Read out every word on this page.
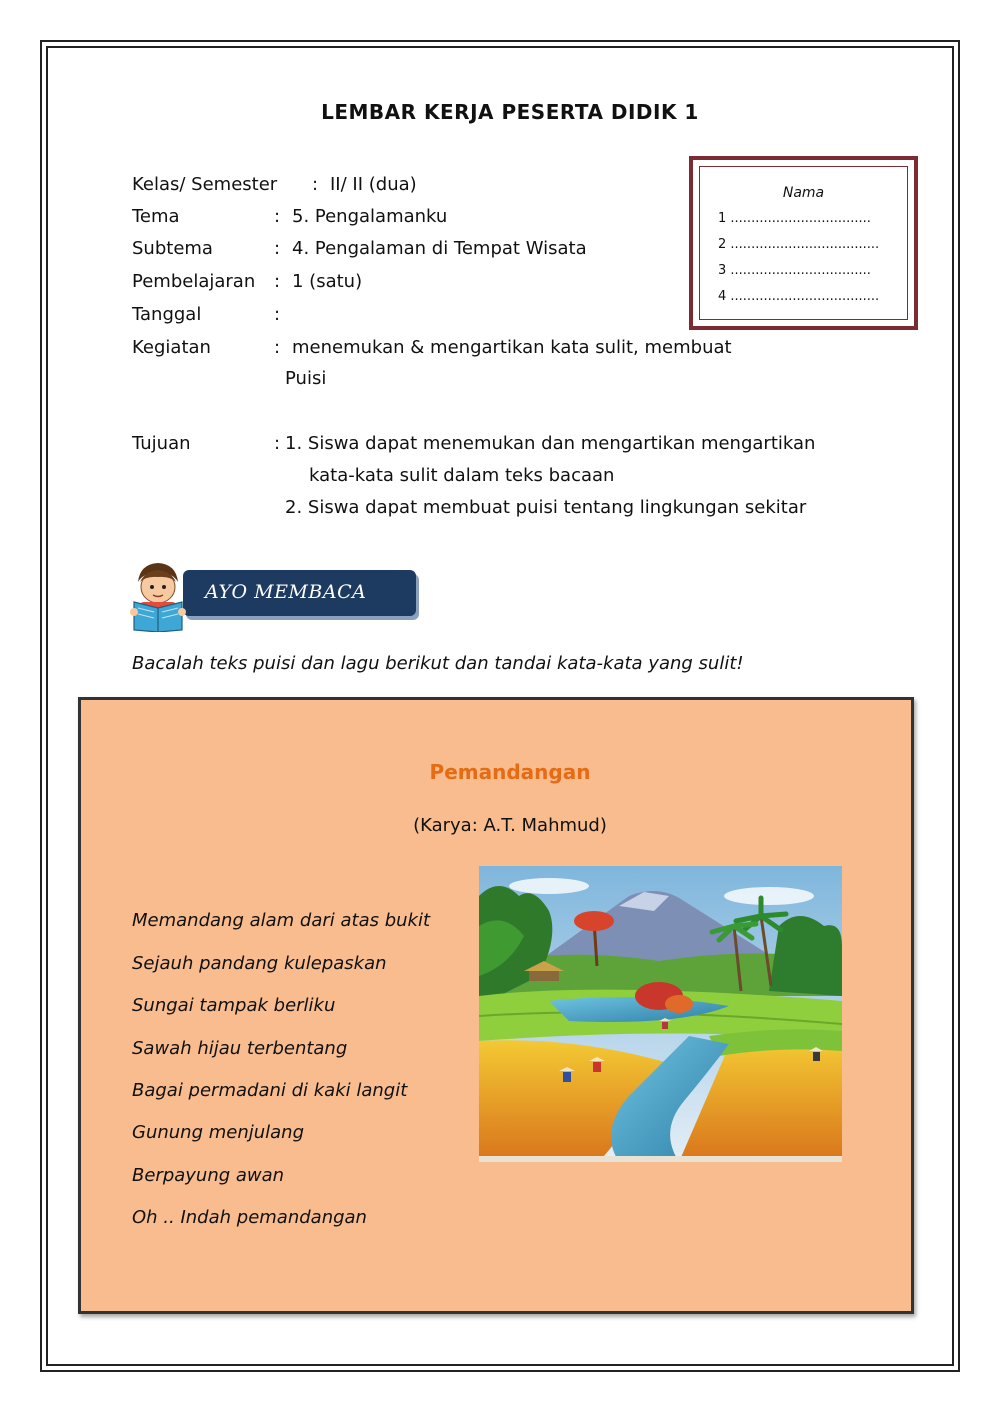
LEMBAR KERJA PESERTA DIDIK 1
Kelas/ Semester : II/ II (dua)
Tema	: 5. Pengalamanku
Subtema	: 4. Pengalaman di Tempat Wisata
Pembelajaran : 1 (satu)
Tanggal	:
Kegiatan	: menemukan & mengartikan kata sulit, membuat
Puisi
Tujuan	: 1. Siswa dapat menemukan dan mengartikan mengartikan
kata-kata sulit dalam teks bacaan
2. Siswa dapat membuat puisi tentang lingkungan sekitar
Nama
1 ..................................
2 ....................................
3 ..................................
4 ....................................
AYO MEMBACA
Bacalah teks puisi dan lagu berikut dan tandai kata-kata yang sulit!
Pemandangan
(Karya: A.T. Mahmud)
Memandang alam dari atas bukit
Sejauh pandang kulepaskan
Sungai tampak berliku
Sawah hijau terbentang
Bagai permadani di kaki langit
Gunung menjulang
Berpayung awan
Oh .. Indah pemandangan
